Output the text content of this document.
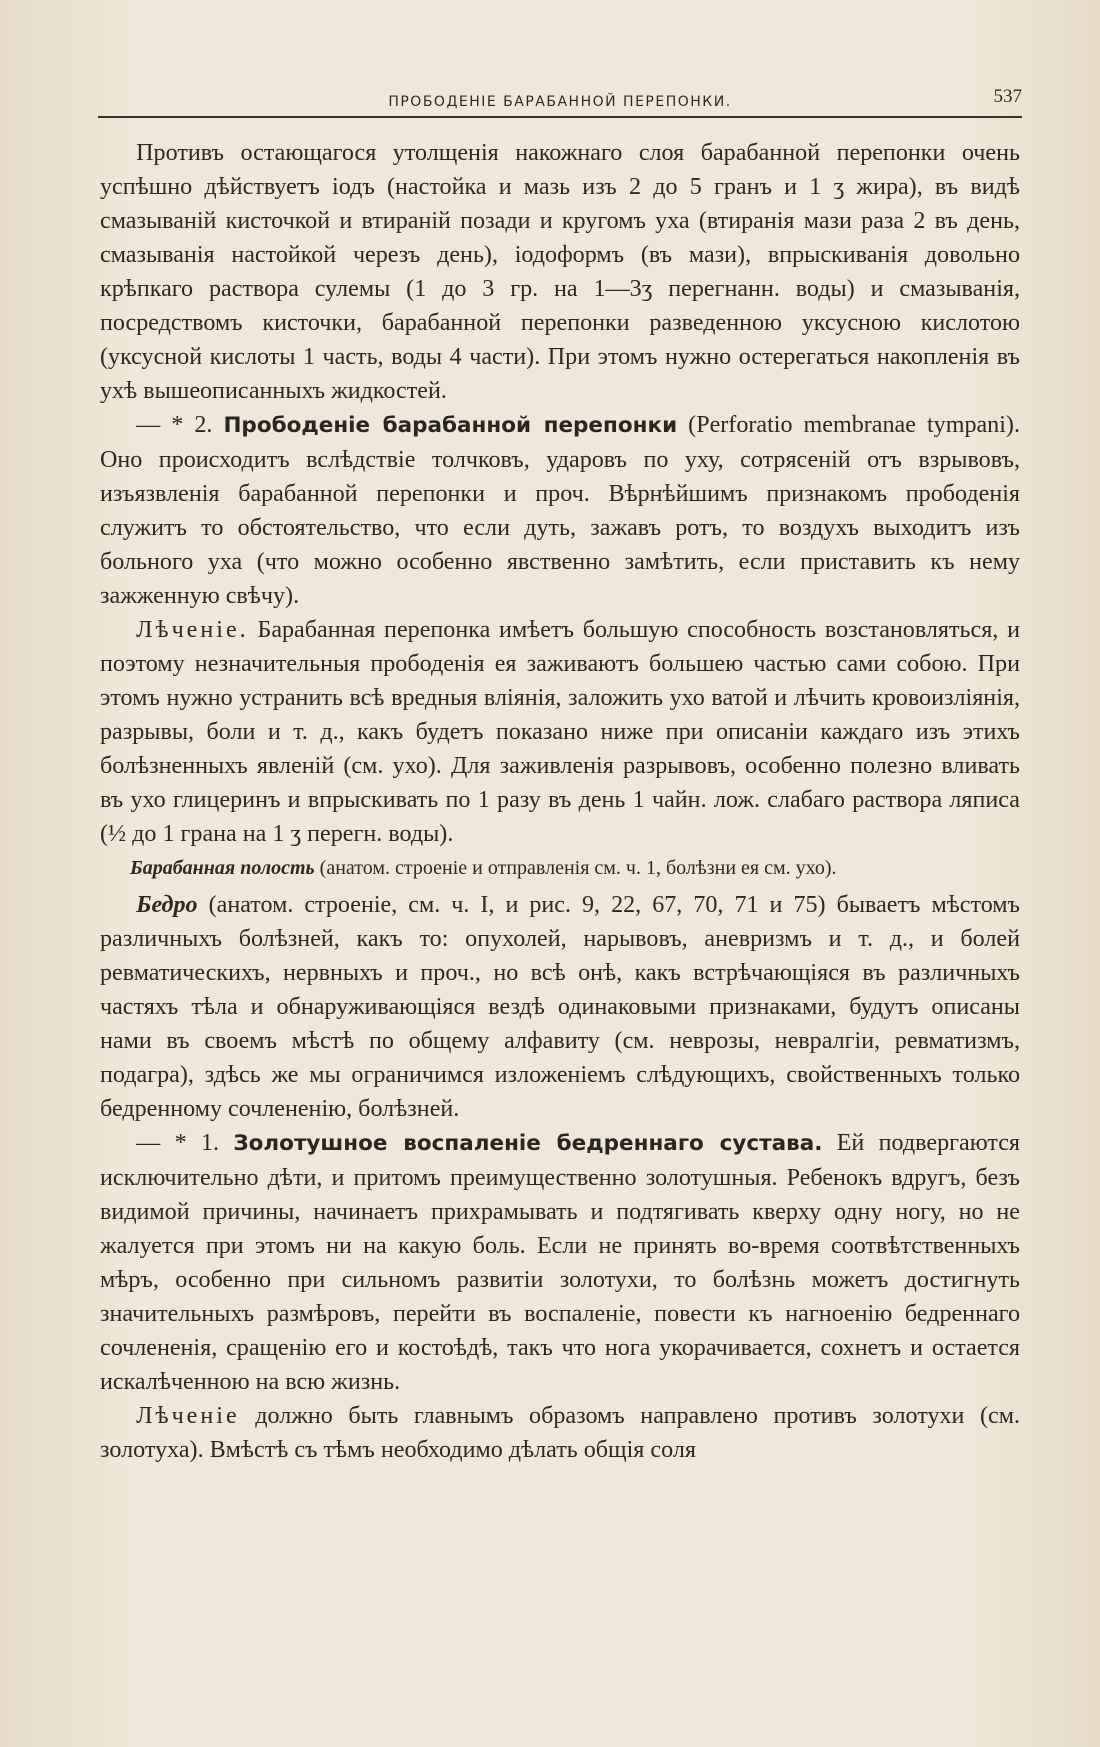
ПРОБОДЕНІЕ БАРАБАННОЙ ПЕРЕПОНКИ.	537

Противъ остающагося утолщенія накожнаго слоя барабанной перепонки очень успѣшно дѣйствуетъ іодъ (настойка и мазь изъ 2 до 5 гранъ и 1 ʒ жира), въ видѣ смазываній кисточкой и втираній позади и кругомъ уха (втиранія мази раза 2 въ день, смазыванія настойкой черезъ день), іодоформъ (въ мази), впрыскиванія довольно крѣпкаго раствора сулемы (1 до 3 гр. на 1—3ʒ перегнанн. воды) и смазыванія, посредствомъ кисточки, барабанной перепонки разведенною уксусною кислотою (уксусной кислоты 1 часть, воды 4 части). При этомъ нужно остерегаться накопленія въ ухѣ вышеописанныхъ жидкостей.

— * 2. Прободеніе барабанной перепонки (Perforatio membranae tympani). Оно происходитъ вслѣдствіе толчковъ, ударовъ по уху, сотрясеній отъ взрывовъ, изъязвленія барабанной перепонки и проч. Вѣрнѣйшимъ признакомъ прободенія служитъ то обстоятельство, что если дуть, зажавъ ротъ, то воздухъ выходитъ изъ больного уха (что можно особенно явственно замѣтить, если приставить къ нему зажженную свѣчу).

Лѣченіе. Барабанная перепонка имѣетъ большую способность возстановляться, и поэтому незначительныя прободенія ея заживаютъ большею частью сами собою. При этомъ нужно устранить всѣ вредныя вліянія, заложить ухо ватой и лѣчить кровоизліянія, разрывы, боли и т. д., какъ будетъ показано ниже при описаніи каждаго изъ этихъ болѣзненныхъ явленій (см. ухо). Для заживленія разрывовъ, особенно полезно вливать въ ухо глицеринъ и впрыскивать по 1 разу въ день 1 чайн. лож. слабаго раствора ляписа (½ до 1 грана на 1 ʒ перегн. воды).

Барабанная полость (анатом. строеніе и отправленія см. ч. 1, болѣзни ея см. ухо).

Бедро (анатом. строеніе, см. ч. I, и рис. 9, 22, 67, 70, 71 и 75) бываетъ мѣстомъ различныхъ болѣзней, какъ то: опухолей, нарывовъ, аневризмъ и т. д., и болей ревматическихъ, нервныхъ и проч., но всѣ онѣ, какъ встрѣчающіяся въ различныхъ частяхъ тѣла и обнаруживающіяся вездѣ одинаковыми признаками, будутъ описаны нами въ своемъ мѣстѣ по общему алфавиту (см. неврозы, невралгіи, ревматизмъ, подагра), здѣсь же мы ограничимся изложеніемъ слѣдующихъ, свойственныхъ только бедренному сочлененію, болѣзней.

— * 1. Золотушное воспаленіе бедреннаго сустава. Ей подвергаются исключительно дѣти, и притомъ преимущественно золотушныя. Ребенокъ вдругъ, безъ видимой причины, начинаетъ прихрамывать и подтягивать кверху одну ногу, но не жалуется при этомъ ни на какую боль. Если не принять во-время соотвѣтственныхъ мѣръ, особенно при сильномъ развитіи золотухи, то болѣзнь можетъ достигнуть значительныхъ размѣровъ, перейти въ воспаленіе, повести къ нагноенію бедреннаго сочлененія, сращенію его и костоѣдѣ, такъ что нога укорачивается, сохнетъ и остается искалѣченною на всю жизнь.

Лѣченіе должно быть главнымъ образомъ направлено противъ золотухи (см. золотуха). Вмѣстѣ съ тѣмъ необходимо дѣлать общія соля
